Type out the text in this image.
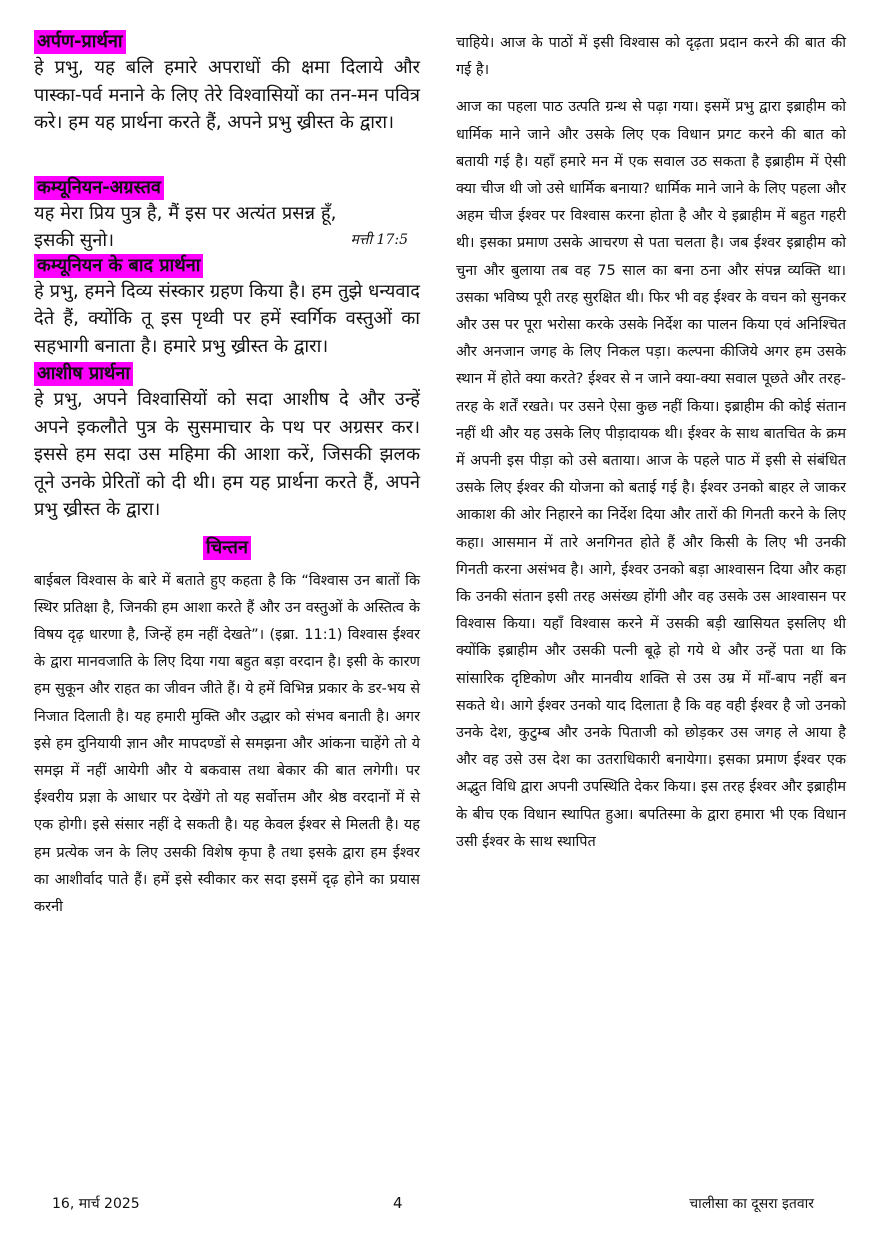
अर्पण-प्रार्थना

हे प्रभु, यह बलि हमारे अपराधों की क्षमा दिलाये और पास्का-पर्व मनाने के लिए तेरे विश्वासियों का तन-मन पवित्र करे। हम यह प्रार्थना करते हैं, अपने प्रभु ख्रीस्त के द्वारा।

कम्यूनियन-अग्रस्तव
यह मेरा प्रिय पुत्र है, मैं इस पर अत्यंत प्रसन्न हूँ,
इसकी सुनो।	मत्ती 17:5
कम्यूनियन के बाद प्रार्थना

हे प्रभु, हमने दिव्य संस्कार ग्रहण किया है। हम तुझे धन्यवाद देते हैं, क्योंकि तू इस पृथ्वी पर हमें स्वर्गिक वस्तुओं का सहभागी बनाता है। हमारे प्रभु ख्रीस्त के द्वारा।

आशीष प्रार्थना

हे प्रभु, अपने विश्वासियों को सदा आशीष दे और उन्हें अपने इकलौते पुत्र के सुसमाचार के पथ पर अग्रसर कर। इससे हम सदा उस महिमा की आशा करें, जिसकी झलक तूने उनके प्रेरितों को दी थी। हम यह प्रार्थना करते हैं, अपने प्रभु ख्रीस्त के द्वारा।

चिन्तन

बाईबल विश्वास के बारे में बताते हुए कहता है कि “विश्वास उन बातों कि स्थिर प्रतिक्षा है, जिनकी हम आशा करते हैं और उन वस्तुओं के अस्तित्व के विषय दृढ़ धारणा है, जिन्हें हम नहीं देखते”। (इब्रा. 11:1) विश्वास ईश्वर के द्वारा मानवजाति के लिए दिया गया बहुत बड़ा वरदान है। इसी के कारण हम सुकून और राहत का जीवन जीते हैं। ये हमें विभिन्न प्रकार के डर-भय से निजात दिलाती है। यह हमारी मुक्ति और उद्धार को संभव बनाती है। अगर इसे हम दुनियायी ज्ञान और मापदण्डों से समझना और आंकना चाहेंगे तो ये समझ में नहीं आयेगी और ये बकवास तथा बेकार की बात लगेगी। पर ईश्वरीय प्रज्ञा के आधार पर देखेंगे तो यह सर्वोत्तम और श्रेष्ठ वरदानों में से एक होगी। इसे संसार नहीं दे सकती है। यह केवल ईश्वर से मिलती है। यह हम प्रत्येक जन के लिए उसकी विशेष कृपा है तथा इसके द्वारा हम ईश्वर का आशीर्वाद पाते हैं। हमें इसे स्वीकार कर सदा इसमें दृढ़ होने का प्रयास करनी

चाहिये। आज के पाठों में इसी विश्वास को दृढ़ता प्रदान करने की बात की गई है।

आज का पहला पाठ उत्पति ग्रन्थ से पढ़ा गया। इसमें प्रभु द्वारा इब्राहीम को धार्मिक माने जाने और उसके लिए एक विधान प्रगट करने की बात को बतायी गई है। यहाँ हमारे मन में एक सवाल उठ सकता है इब्राहीम में ऐसी क्या चीज थी जो उसे धार्मिक बनाया? धार्मिक माने जाने के लिए पहला और अहम चीज ईश्वर पर विश्वास करना होता है और ये इब्राहीम में बहुत गहरी थी। इसका प्रमाण उसके आचरण से पता चलता है। जब ईश्वर इब्राहीम को चुना और बुलाया तब वह 75 साल का बना ठना और संपन्न व्यक्ति था। उसका भविष्य पूरी तरह सुरक्षित थी। फिर भी वह ईश्वर के वचन को सुनकर और उस पर पूरा भरोसा करके उसके निर्देश का पालन किया एवं अनिश्चित और अनजान जगह के लिए निकल पड़ा। कल्पना कीजिये अगर हम उसके स्थान में होते क्या करते? ईश्वर से न जाने क्या-क्या सवाल पूछते और तरह-तरह के शर्तें रखते। पर उसने ऐसा कुछ नहीं किया। इब्राहीम की कोई संतान नहीं थी और यह उसके लिए पीड़ादायक थी। ईश्वर के साथ बातचित के क्रम में अपनी इस पीड़ा को उसे बताया। आज के पहले पाठ में इसी से संबंधित उसके लिए ईश्वर की योजना को बताई गई है। ईश्वर उनको बाहर ले जाकर आकाश की ओर निहारने का निर्देश दिया और तारों की गिनती करने के लिए कहा। आसमान में तारे अनगिनत होते हैं और किसी के लिए भी उनकी गिनती करना असंभव है। आगे, ईश्वर उनको बड़ा आश्वासन दिया और कहा कि उनकी संतान इसी तरह असंख्य होंगी और वह उसके उस आश्वासन पर विश्वास किया। यहाँ विश्वास करने में उसकी बड़ी खासियत इसलिए थी क्योंकि इब्राहीम और उसकी पत्नी बूढ़े हो गये थे और उन्हें पता था कि सांसारिक दृष्टिकोण और मानवीय शक्ति से उस उम्र में माँ-बाप नहीं बन सकते थे। आगे ईश्वर उनको याद दिलाता है कि वह वही ईश्वर है जो उनको उनके देश, कुटुम्ब और उनके पिताजी को छोड़कर उस जगह ले आया है और वह उसे उस देश का उतराधिकारी बनायेगा। इसका प्रमाण ईश्वर एक अद्भुत विधि द्वारा अपनी उपस्थिति देकर किया। इस तरह ईश्वर और इब्राहीम के बीच एक विधान स्थापित हुआ। बपतिस्मा के द्वारा हमारा भी एक विधान उसी ईश्वर के साथ स्थापित

16, मार्च 2025	4	चालीसा का दूसरा इतवार
